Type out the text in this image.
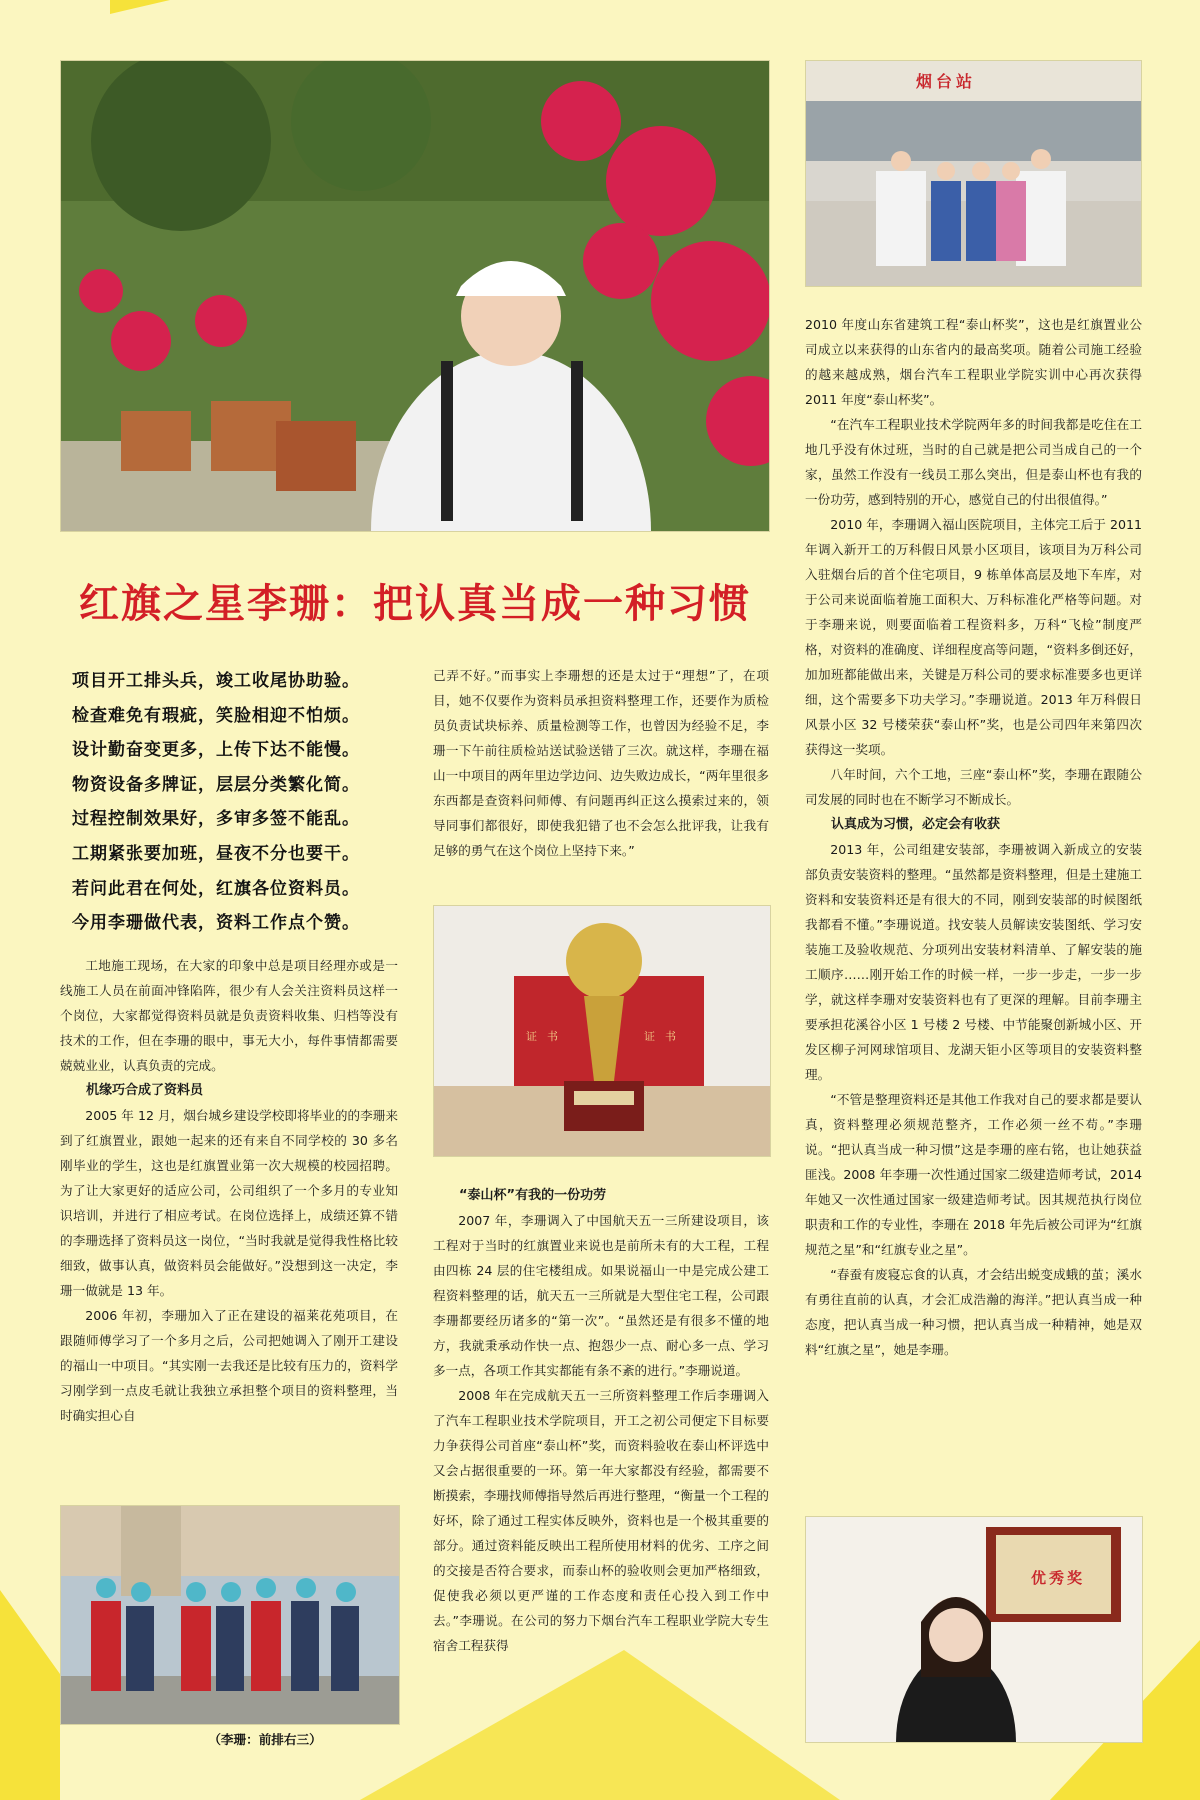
烟台站
红旗之星李珊：把认真当成一种习惯
项目开工排头兵，竣工收尾协助验。
检查难免有瑕疵，笑脸相迎不怕烦。
设计勤奋变更多，上传下达不能慢。
物资设备多牌证，层层分类繁化简。
过程控制效果好，多审多签不能乱。
工期紧张要加班，昼夜不分也要干。
若问此君在何处，红旗各位资料员。
今用李珊做代表，资料工作点个赞。

工地施工现场，在大家的印象中总是项目经理亦或是一线施工人员在前面冲锋陷阵，很少有人会关注资料员这样一个岗位，大家都觉得资料员就是负责资料收集、归档等没有技术的工作，但在李珊的眼中，事无大小，每件事情都需要兢兢业业，认真负责的完成。

机缘巧合成了资料员

2005 年 12 月，烟台城乡建设学校即将毕业的的李珊来到了红旗置业，跟她一起来的还有来自不同学校的 30 多名刚毕业的学生，这也是红旗置业第一次大规模的校园招聘。为了让大家更好的适应公司，公司组织了一个多月的专业知识培训，并进行了相应考试。在岗位选择上，成绩还算不错的李珊选择了资料员这一岗位，“当时我就是觉得我性格比较细致，做事认真，做资料员会能做好。”没想到这一决定，李珊一做就是 13 年。

2006 年初，李珊加入了正在建设的福莱花苑项目，在跟随师傅学习了一个多月之后，公司把她调入了刚开工建设的福山一中项目。“其实刚一去我还是比较有压力的，资料学习刚学到一点皮毛就让我独立承担整个项目的资料整理，当时确实担心自

（李珊：前排右三）

己弄不好。”而事实上李珊想的还是太过于“理想”了，在项目，她不仅要作为资料员承担资料整理工作，还要作为质检员负责试块标养、质量检测等工作，也曾因为经验不足，李珊一下午前往质检站送试验送错了三次。就这样，李珊在福山一中项目的两年里边学边问、边失败边成长，“两年里很多东西都是查资料问师傅、有问题再纠正这么摸索过来的，领导同事们都很好，即使我犯错了也不会怎么批评我，让我有足够的勇气在这个岗位上坚持下来。”

证书	证书
“泰山杯”有我的一份功劳

2007 年，李珊调入了中国航天五一三所建设项目，该工程对于当时的红旗置业来说也是前所未有的大工程，工程由四栋 24 层的住宅楼组成。如果说福山一中是完成公建工程资料整理的话，航天五一三所就是大型住宅工程，公司跟李珊都要经历诸多的“第一次”。“虽然还是有很多不懂的地方，我就秉承动作快一点、抱怨少一点、耐心多一点、学习多一点，各项工作其实都能有条不紊的进行。”李珊说道。

2008 年在完成航天五一三所资料整理工作后李珊调入了汽车工程职业技术学院项目，开工之初公司便定下目标要力争获得公司首座“泰山杯”奖，而资料验收在泰山杯评选中又会占据很重要的一环。第一年大家都没有经验，都需要不断摸索，李珊找师傅指导然后再进行整理，“衡量一个工程的好坏，除了通过工程实体反映外，资料也是一个极其重要的部分。通过资料能反映出工程所使用材料的优劣、工序之间的交接是否符合要求，而泰山杯的验收则会更加严格细致，促使我必须以更严谨的工作态度和责任心投入到工作中去。”李珊说。在公司的努力下烟台汽车工程职业学院大专生宿舍工程获得

2010 年度山东省建筑工程“泰山杯奖”，这也是红旗置业公司成立以来获得的山东省内的最高奖项。随着公司施工经验的越来越成熟，烟台汽车工程职业学院实训中心再次获得 2011 年度“泰山杯奖”。

“在汽车工程职业技术学院两年多的时间我都是吃住在工地几乎没有休过班，当时的自己就是把公司当成自己的一个家，虽然工作没有一线员工那么突出，但是泰山杯也有我的一份功劳，感到特别的开心，感觉自己的付出很值得。”

2010 年，李珊调入福山医院项目，主体完工后于 2011 年调入新开工的万科假日风景小区项目，该项目为万科公司入驻烟台后的首个住宅项目，9 栋单体高层及地下车库，对于公司来说面临着施工面积大、万科标准化严格等问题。对于李珊来说，则要面临着工程资料多，万科“飞检”制度严格，对资料的准确度、详细程度高等问题，“资料多倒还好，加加班都能做出来，关键是万科公司的要求标准要多也更详细，这个需要多下功夫学习。”李珊说道。2013 年万科假日风景小区 32 号楼荣获“泰山杯”奖，也是公司四年来第四次获得这一奖项。

八年时间，六个工地，三座“泰山杯”奖，李珊在跟随公司发展的同时也在不断学习不断成长。

认真成为习惯，必定会有收获

2013 年，公司组建安装部，李珊被调入新成立的安装部负责安装资料的整理。“虽然都是资料整理，但是土建施工资料和安装资料还是有很大的不同，刚到安装部的时候图纸我都看不懂。”李珊说道。找安装人员解读安装图纸、学习安装施工及验收规范、分项列出安装材料清单、了解安装的施工顺序……刚开始工作的时候一样，一步一步走，一步一步学，就这样李珊对安装资料也有了更深的理解。目前李珊主要承担花溪谷小区 1 号楼 2 号楼、中节能聚创新城小区、开发区柳子河网球馆项目、龙湖天钜小区等项目的安装资料整理。

“不管是整理资料还是其他工作我对自己的要求都是要认真，资料整理必须规范整齐，工作必须一丝不苟。”李珊说。“把认真当成一种习惯”这是李珊的座右铭，也让她获益匪浅。2008 年李珊一次性通过国家二级建造师考试，2014 年她又一次性通过国家一级建造师考试。因其规范执行岗位职责和工作的专业性，李珊在 2018 年先后被公司评为“红旗规范之星”和“红旗专业之星”。

“春蚕有废寝忘食的认真，才会结出蜕变成蛾的茧；溪水有勇往直前的认真，才会汇成浩瀚的海洋。”把认真当成一种态度，把认真当成一种习惯，把认真当成一种精神，她是双料“红旗之星”，她是李珊。

优秀奖
